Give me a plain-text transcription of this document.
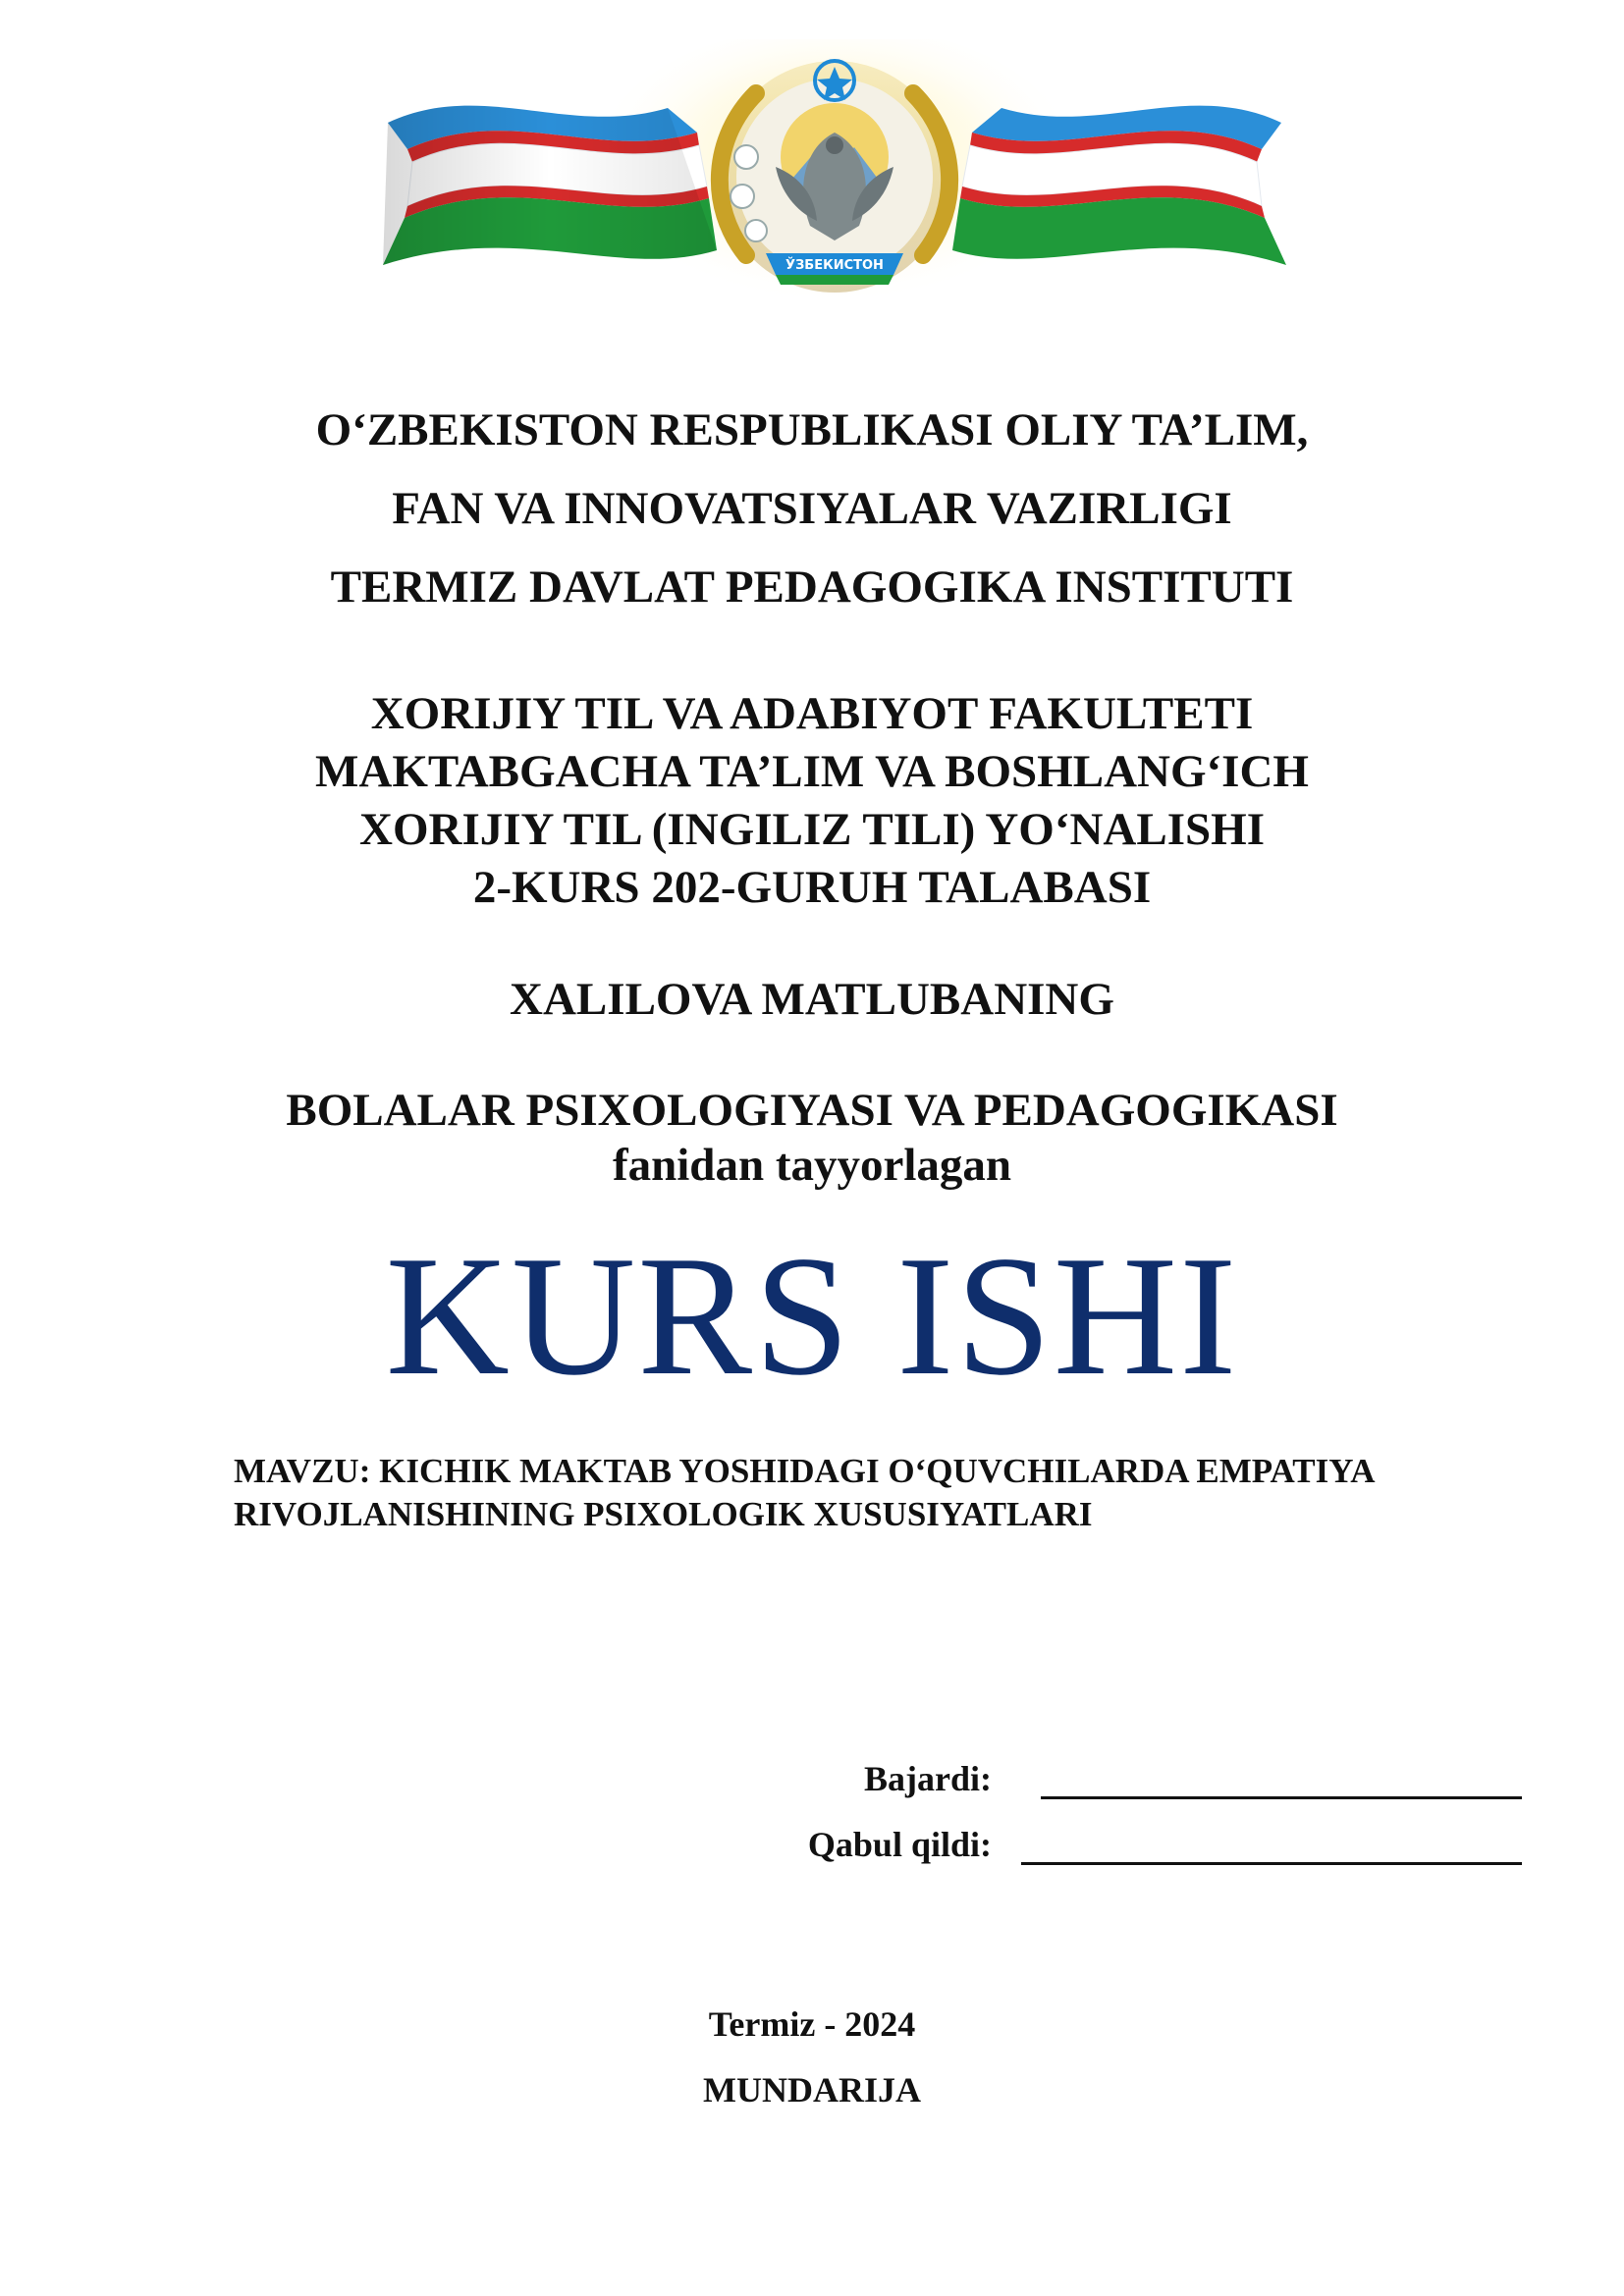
ЎЗБЕКИСТОН
O‘ZBEKISTON RESPUBLIKASI OLIY TA’LIM,
FAN VA INNOVATSIYALAR VAZIRLIGI
TERMIZ DAVLAT PEDAGOGIKA INSTITUTI
XORIJIY TIL VA ADABIYOT FAKULTETI
MAKTABGACHA TA’LIM VA BOSHLANG‘ICH
XORIJIY TIL (INGILIZ TILI) YO‘NALISHI
2-KURS 202-GURUH TALABASI
XALILOVA MATLUBANING
BOLALAR PSIXOLOGIYASI VA PEDAGOGIKASI
fanidan tayyorlagan
KURS ISHI
MAVZU: KICHIK MAKTAB YOSHIDAGI O‘QUVCHILARDA EMPATIYA
RIVOJLANISHINING PSIXOLOGIK XUSUSIYATLARI
Bajardi:
Qabul qildi:
Termiz - 2024
MUNDARIJA
